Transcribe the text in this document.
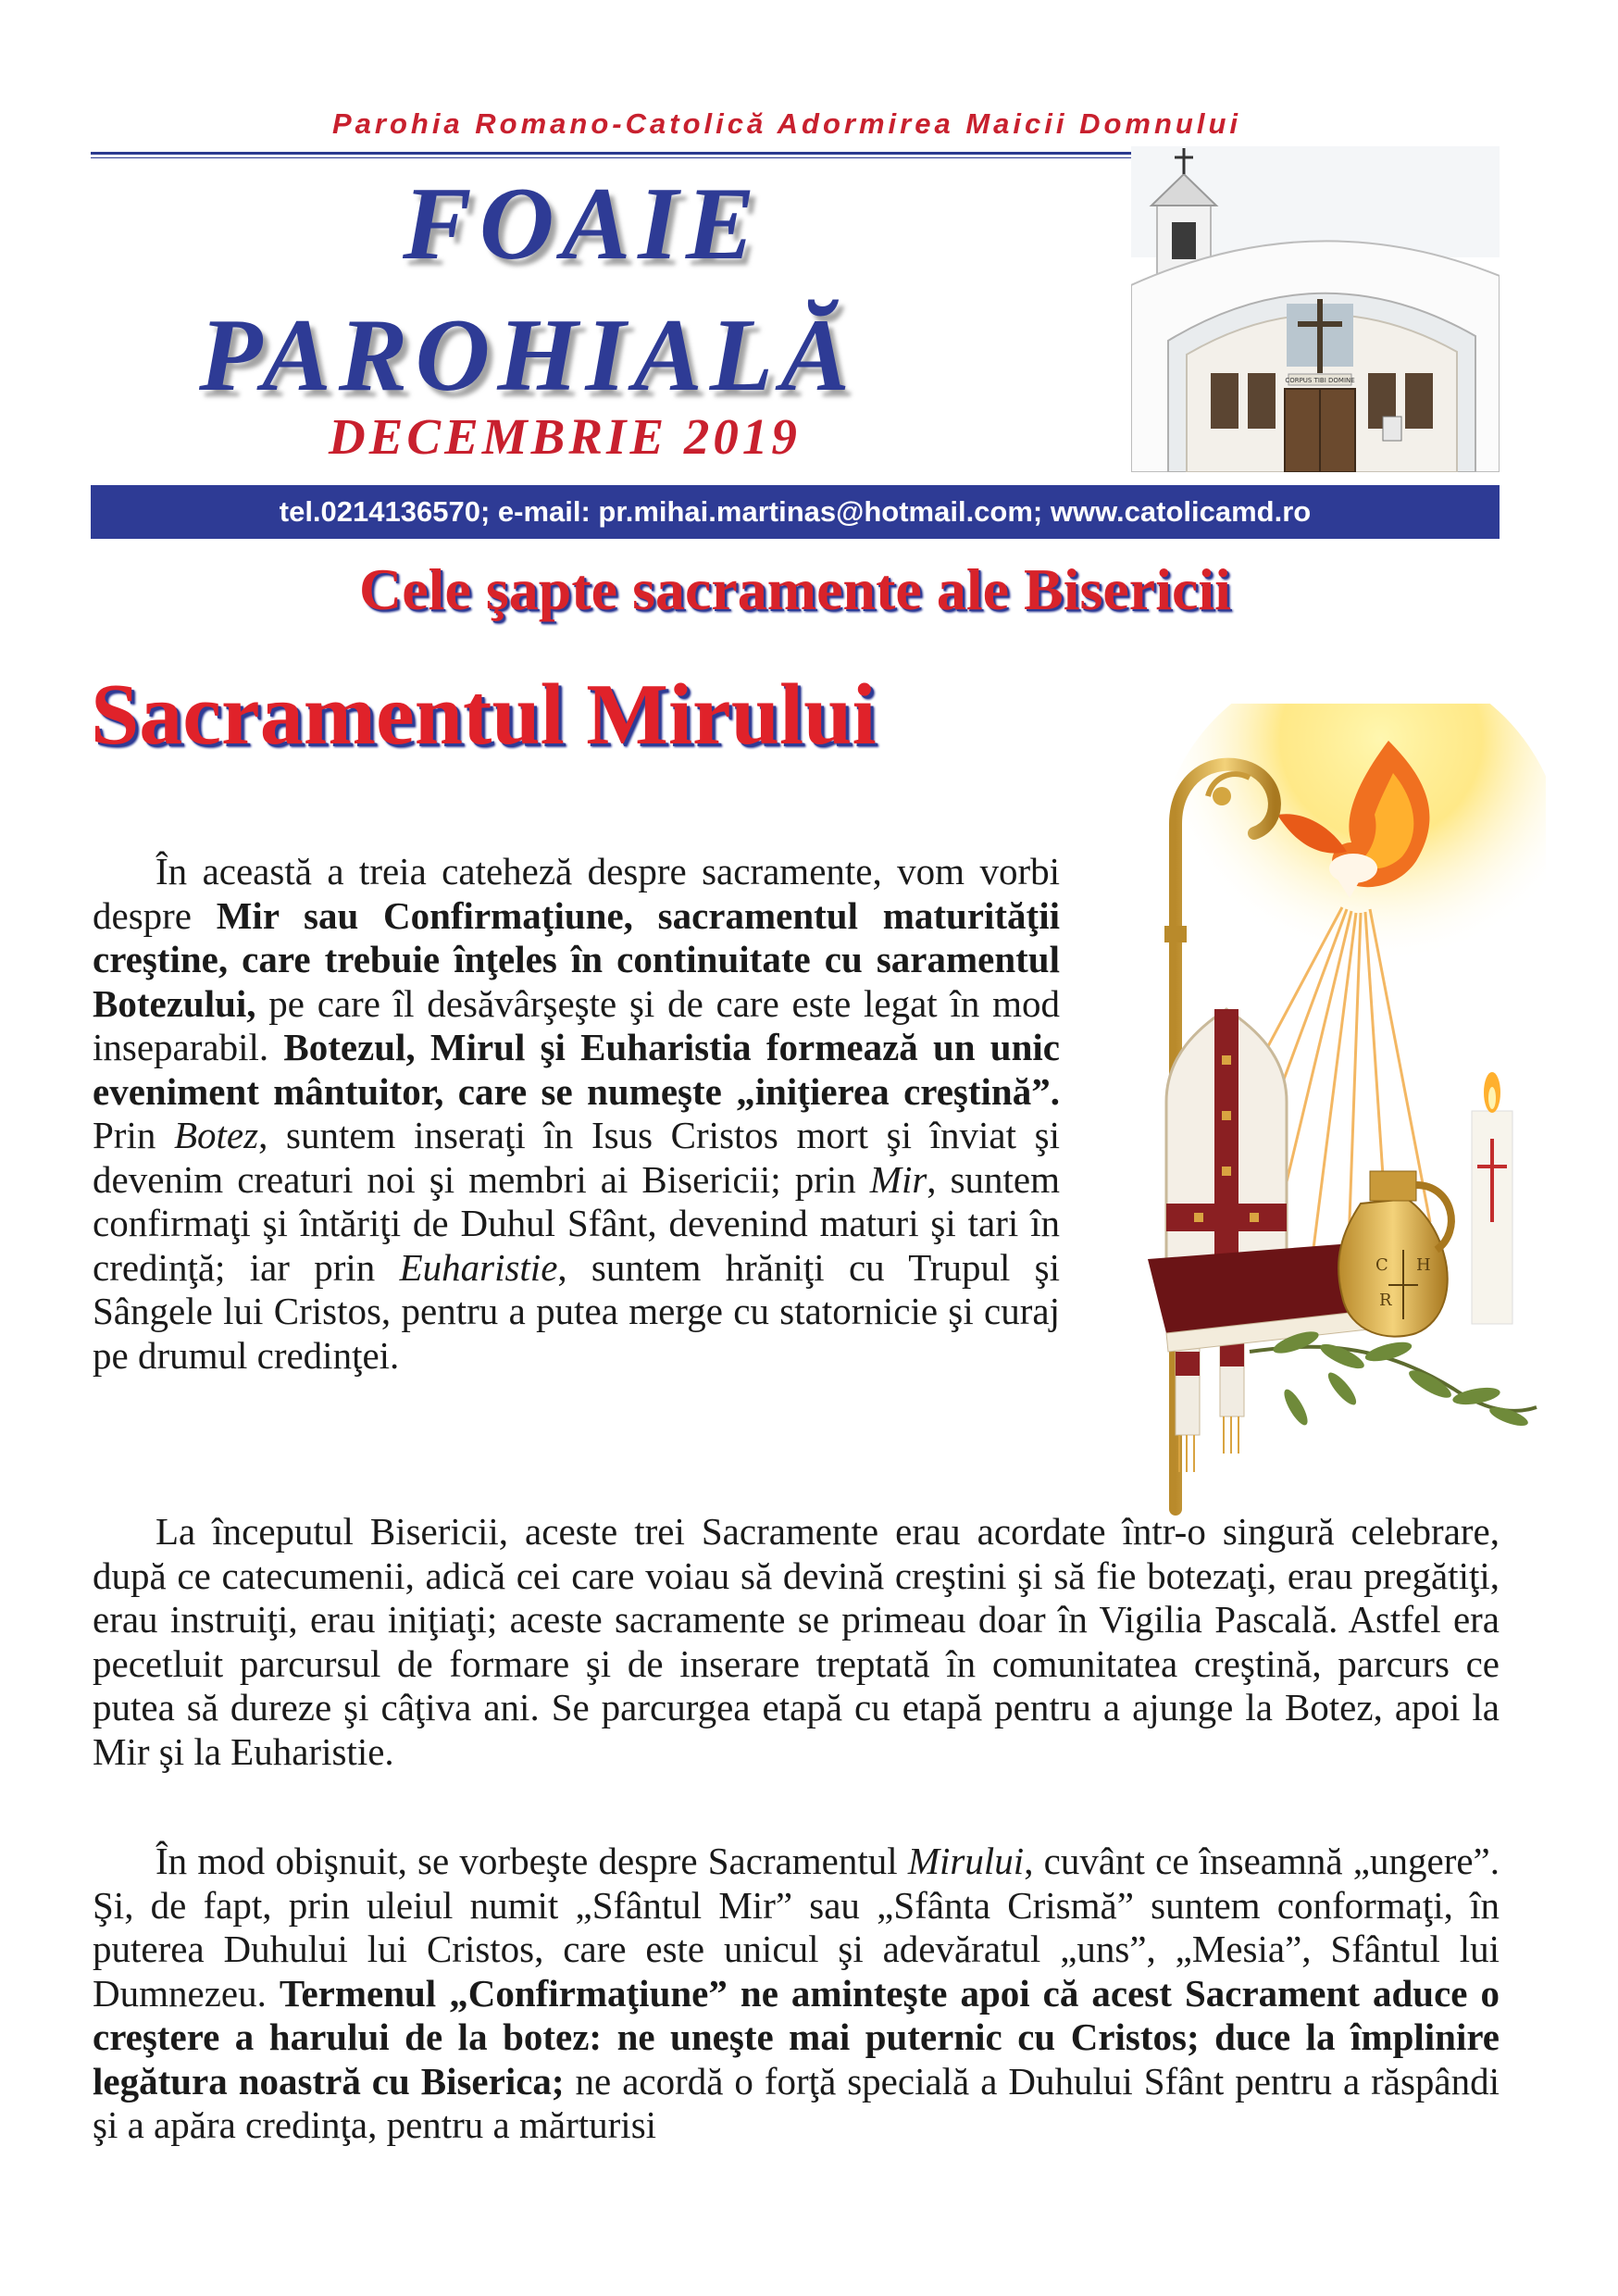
Parohia Romano-Catolică Adormirea Maicii Domnului
FOAIE
PAROHIALĂ
DECEMBRIE 2019
CORPUS TIBI DOMINE
tel.0214136570; e-mail: pr.mihai.martinas@hotmail.com; www.catolicamd.ro
Cele şapte sacramente ale Bisericii
Sacramentul Mirului
C H
R

În această a treia cateheză despre sacramente, vom vorbi despre Mir sau Confirmaţiune, sacramentul maturităţii creştine, care trebuie înţeles în continuitate cu saramentul Botezului, pe care îl desăvârşeşte şi de care este legat în mod inseparabil. Botezul, Mirul şi Euharistia formează un unic eveniment mântuitor, care se numeşte „iniţierea creştină”. Prin Botez, suntem inseraţi în Isus Cristos mort şi înviat şi devenim creaturi noi şi membri ai Bisericii; prin Mir, suntem confirmaţi şi întăriţi de Duhul Sfânt, devenind maturi şi tari în credinţă; iar prin Euharistie, suntem hrăniţi cu Trupul şi Sângele lui Cristos, pentru a putea merge cu statornicie şi curaj pe drumul credinţei.

La începutul Bisericii, aceste trei Sacramente erau acordate într-o singură celebrare, după ce catecumenii, adică cei care voiau să devină creştini şi să fie botezaţi, erau pregătiţi, erau instruiţi, erau iniţiaţi; aceste sacramente se primeau doar în Vigilia Pascală. Astfel era pecetluit parcursul de formare şi de inserare treptată în comunitatea creştină, parcurs ce putea să dureze şi câţiva ani. Se parcurgea etapă cu etapă pentru a ajunge la Botez, apoi la Mir şi la Euharistie.

În mod obişnuit, se vorbeşte despre Sacramentul Mirului, cuvânt ce înseamnă „ungere”. Şi, de fapt, prin uleiul numit „Sfântul Mir” sau „Sfânta Crismă” suntem conformaţi, în puterea Duhului lui Cristos, care este unicul şi adevăratul „uns”, „Mesia”, Sfântul lui Dumnezeu. Termenul „Confirmaţiune” ne aminteşte apoi că acest Sacrament aduce o creştere a harului de la botez: ne uneşte mai puternic cu Cristos; duce la împlinire legătura noastră cu Biserica; ne acordă o forţă specială a Duhului Sfânt pentru a răspândi şi a apăra credinţa, pentru a mărturisi
